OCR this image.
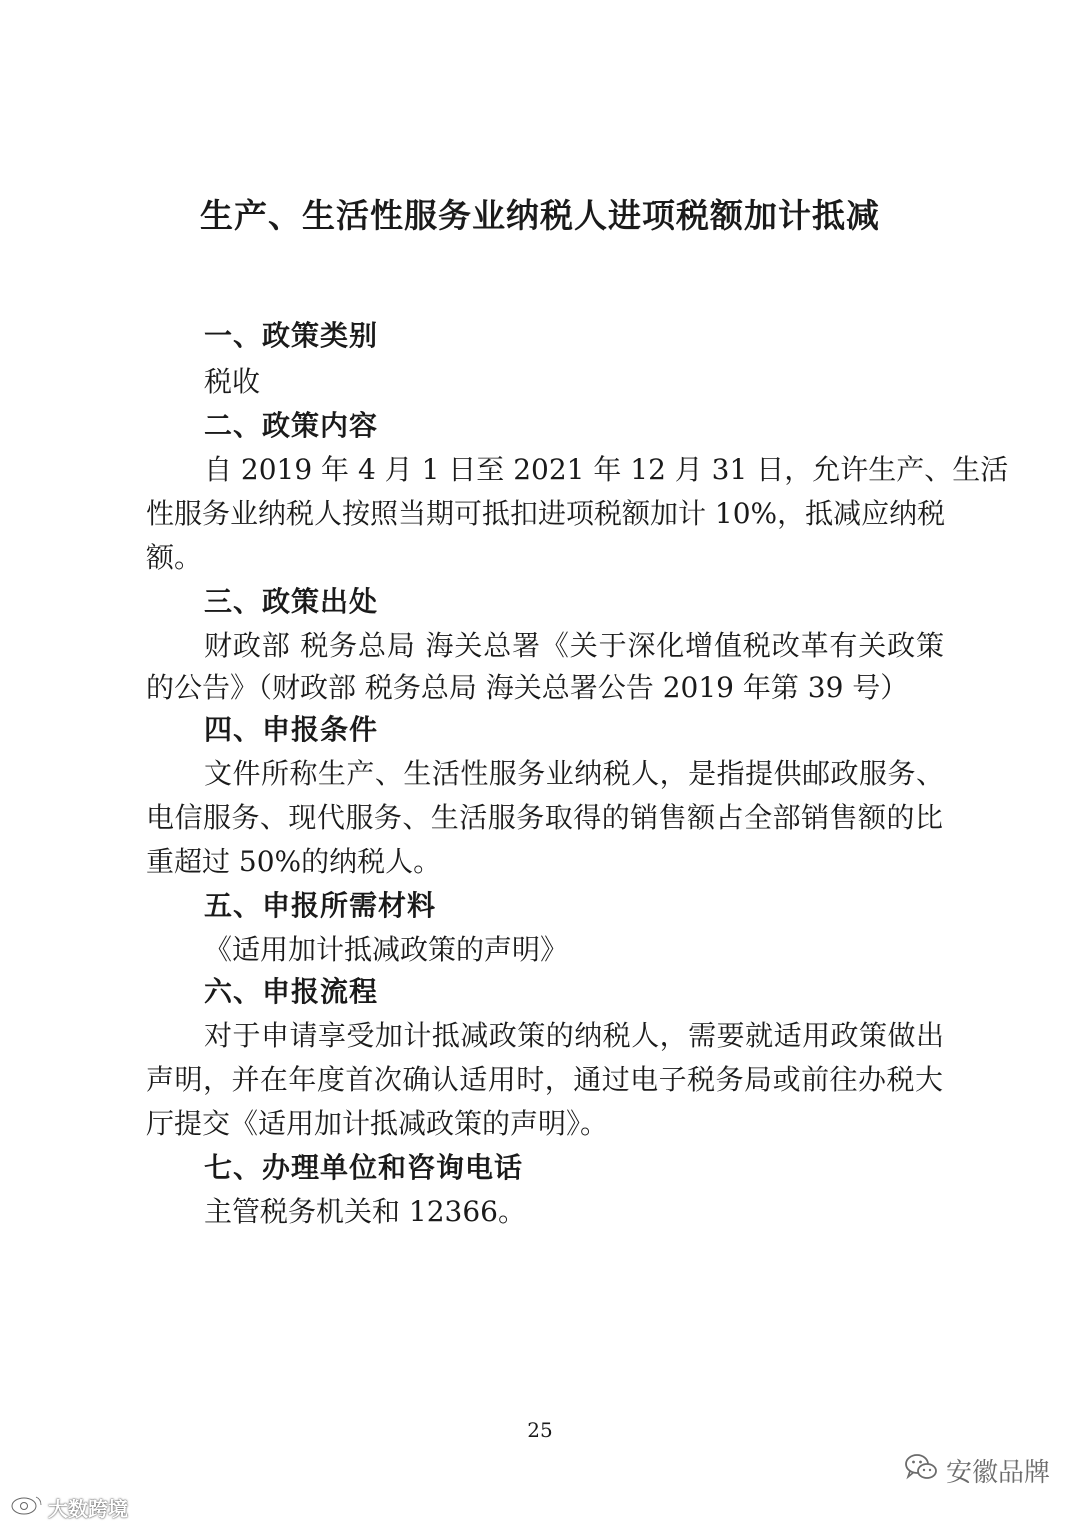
生产、生活性服务业纳税人进项税额加计抵减
一、政策类别
税收
二、政策内容
自 2019 年 4 月 1 日至 2021 年 12 月 31 日，允许生产、生活
性服务业纳税人按照当期可抵扣进项税额加计 10%，抵减应纳税
额。
三、政策出处
财政部 税务总局 海关总署《关于深化增值税改革有关政策
的公告》（财政部 税务总局 海关总署公告 2019 年第 39 号）
四、申报条件
文件所称生产、生活性服务业纳税人，是指提供邮政服务、
电信服务、现代服务、生活服务取得的销售额占全部销售额的比
重超过 50%的纳税人。
五、申报所需材料
《适用加计抵减政策的声明》
六、申报流程
对于申请享受加计抵减政策的纳税人，需要就适用政策做出
声明，并在年度首次确认适用时，通过电子税务局或前往办税大
厅提交《适用加计抵减政策的声明》。
七、办理单位和咨询电话
主管税务机关和 12366。
25
大数跨境
安徽品牌
